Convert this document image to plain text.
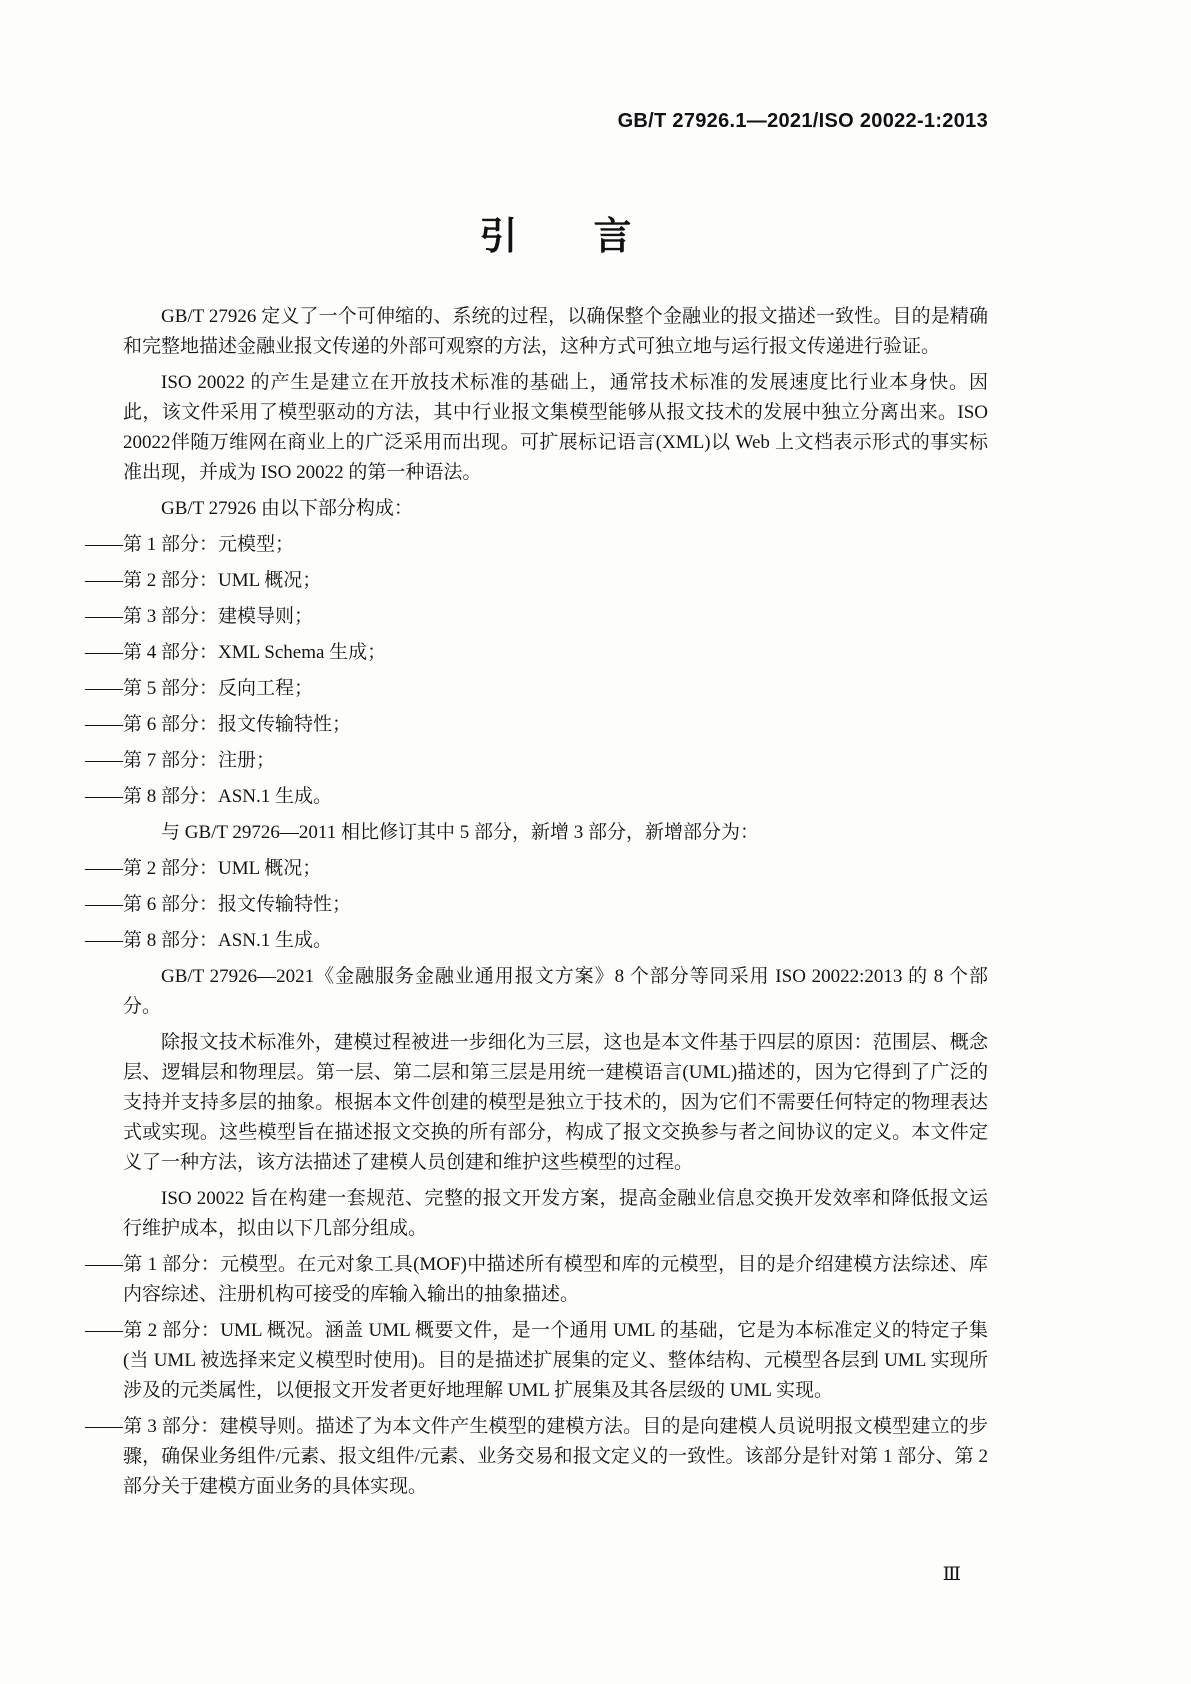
GB/T 27926.1—2021/ISO 20022-1:2013
引　　言

GB/T 27926 定义了一个可伸缩的、系统的过程，以确保整个金融业的报文描述一致性。目的是精确和完整地描述金融业报文传递的外部可观察的方法，这种方式可独立地与运行报文传递进行验证。

ISO 20022 的产生是建立在开放技术标准的基础上，通常技术标准的发展速度比行业本身快。因此，该文件采用了模型驱动的方法，其中行业报文集模型能够从报文技术的发展中独立分离出来。ISO 20022伴随万维网在商业上的广泛采用而出现。可扩展标记语言(XML)以 Web 上文档表示形式的事实标准出现，并成为 ISO 20022 的第一种语法。

GB/T 27926 由以下部分构成：

——第 1 部分：元模型；
——第 2 部分：UML 概况；
——第 3 部分：建模导则；
——第 4 部分：XML Schema 生成；
——第 5 部分：反向工程；
——第 6 部分：报文传输特性；
——第 7 部分：注册；
——第 8 部分：ASN.1 生成。

与 GB/T 29726—2011 相比修订其中 5 部分，新增 3 部分，新增部分为：

——第 2 部分：UML 概况；
——第 6 部分：报文传输特性；
——第 8 部分：ASN.1 生成。

GB/T 27926—2021《金融服务金融业通用报文方案》8 个部分等同采用 ISO 20022:2013 的 8 个部分。

除报文技术标准外，建模过程被进一步细化为三层，这也是本文件基于四层的原因：范围层、概念层、逻辑层和物理层。第一层、第二层和第三层是用统一建模语言(UML)描述的，因为它得到了广泛的支持并支持多层的抽象。根据本文件创建的模型是独立于技术的，因为它们不需要任何特定的物理表达式或实现。这些模型旨在描述报文交换的所有部分，构成了报文交换参与者之间协议的定义。本文件定义了一种方法，该方法描述了建模人员创建和维护这些模型的过程。

ISO 20022 旨在构建一套规范、完整的报文开发方案，提高金融业信息交换开发效率和降低报文运行维护成本，拟由以下几部分组成。

——第 1 部分：元模型。在元对象工具(MOF)中描述所有模型和库的元模型，目的是介绍建模方法综述、库内容综述、注册机构可接受的库输入输出的抽象描述。
——第 2 部分：UML 概况。涵盖 UML 概要文件，是一个通用 UML 的基础，它是为本标准定义的特定子集(当 UML 被选择来定义模型时使用)。目的是描述扩展集的定义、整体结构、元模型各层到 UML 实现所涉及的元类属性，以便报文开发者更好地理解 UML 扩展集及其各层级的 UML 实现。
——第 3 部分：建模导则。描述了为本文件产生模型的建模方法。目的是向建模人员说明报文模型建立的步骤，确保业务组件/元素、报文组件/元素、业务交易和报文定义的一致性。该部分是针对第 1 部分、第 2 部分关于建模方面业务的具体实现。
Ⅲ
